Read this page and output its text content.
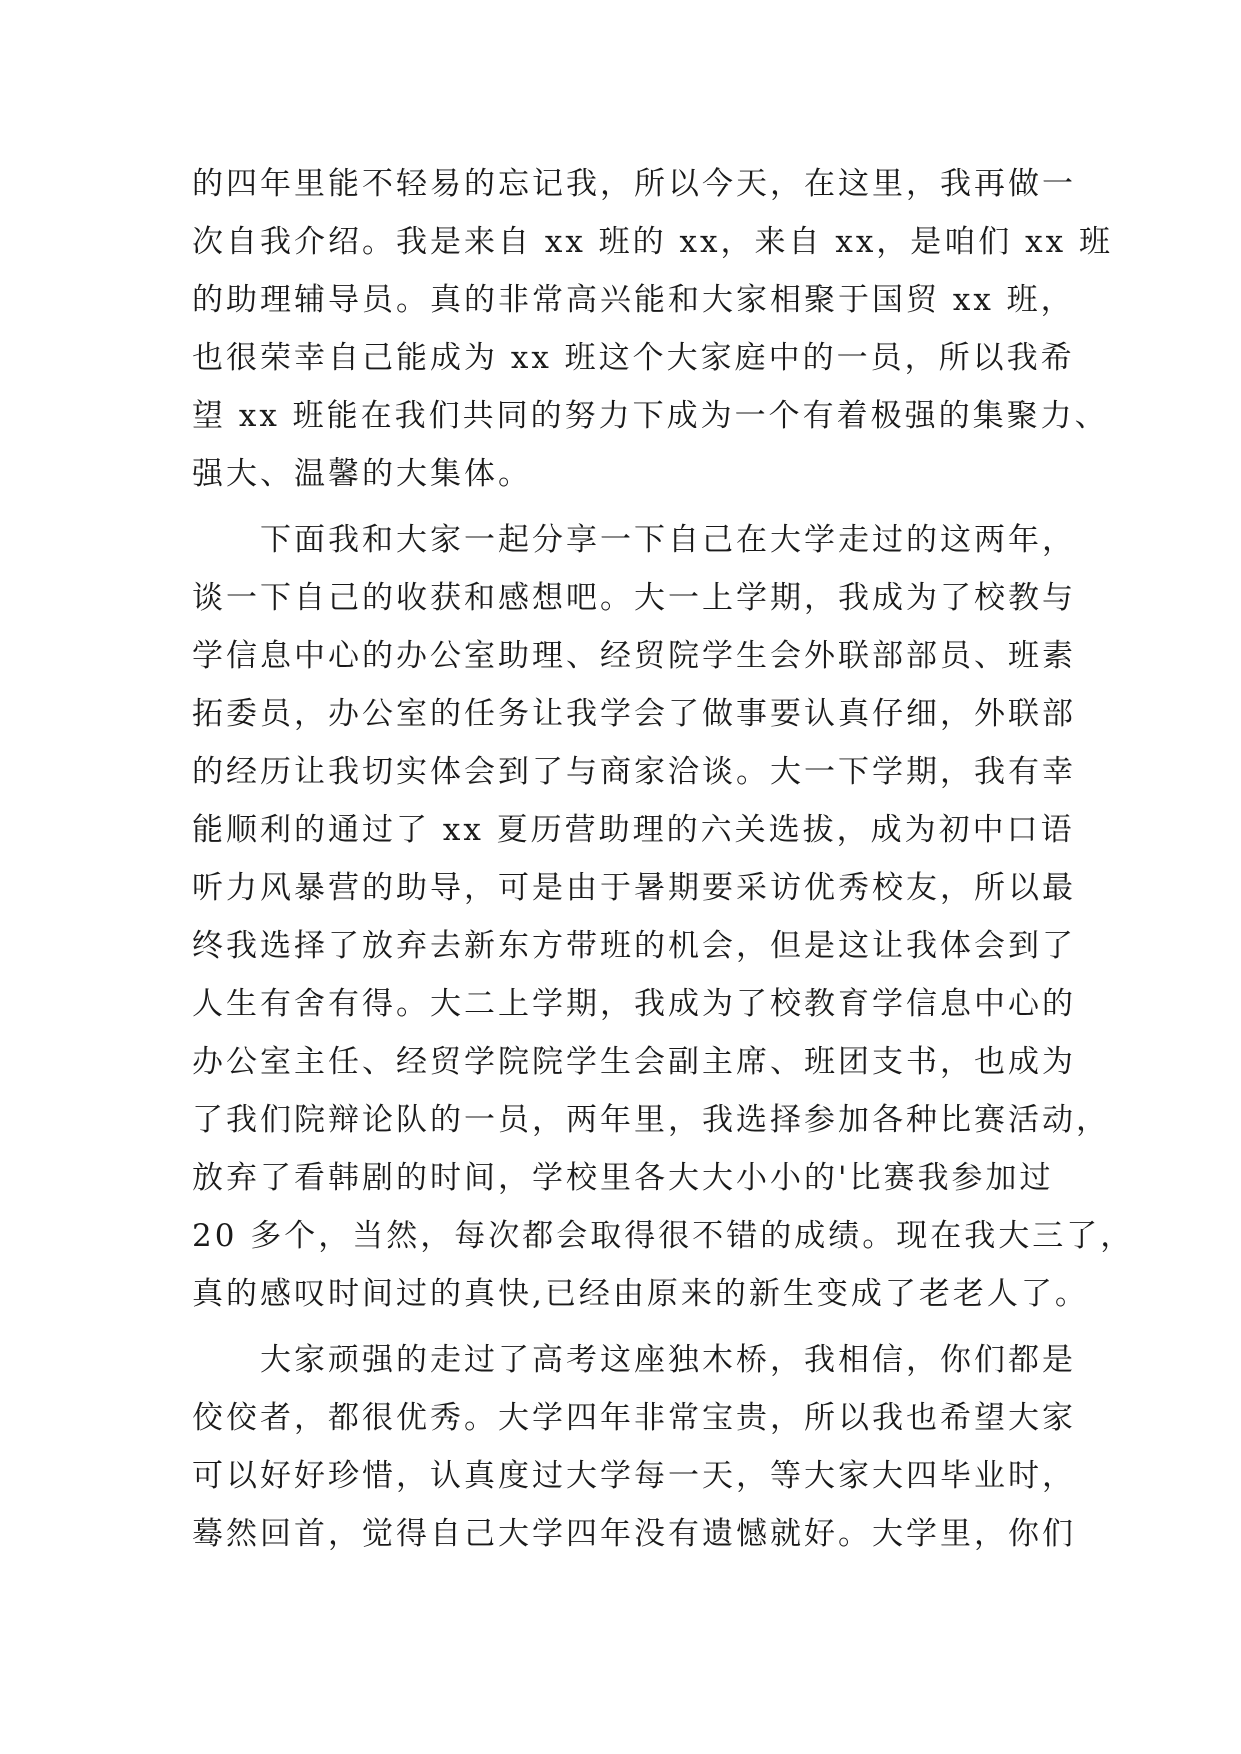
的四年里能不轻易的忘记我，所以今天，在这里，我再做一
次自我介绍。我是来自 xx 班的 xx，来自 xx，是咱们 xx 班
的助理辅导员。真的非常高兴能和大家相聚于国贸 xx 班，
也很荣幸自己能成为 xx 班这个大家庭中的一员，所以我希
望 xx 班能在我们共同的努力下成为一个有着极强的集聚力、
强大、温馨的大集体。
　　下面我和大家一起分享一下自己在大学走过的这两年，
谈一下自己的收获和感想吧。大一上学期，我成为了校教与
学信息中心的办公室助理、经贸院学生会外联部部员、班素
拓委员，办公室的任务让我学会了做事要认真仔细，外联部
的经历让我切实体会到了与商家洽谈。大一下学期，我有幸
能顺利的通过了 xx 夏历营助理的六关选拔，成为初中口语
听力风暴营的助导，可是由于暑期要采访优秀校友，所以最
终我选择了放弃去新东方带班的机会，但是这让我体会到了
人生有舍有得。大二上学期，我成为了校教育学信息中心的
办公室主任、经贸学院院学生会副主席、班团支书，也成为
了我们院辩论队的一员，两年里，我选择参加各种比赛活动，
放弃了看韩剧的时间，学校里各大大小小的'比赛我参加过
20 多个，当然，每次都会取得很不错的成绩。现在我大三了，
真的感叹时间过的真快,已经由原来的新生变成了老老人了。
　　大家顽强的走过了高考这座独木桥，我相信，你们都是
佼佼者，都很优秀。大学四年非常宝贵，所以我也希望大家
可以好好珍惜，认真度过大学每一天，等大家大四毕业时，
蓦然回首，觉得自己大学四年没有遗憾就好。大学里，你们
